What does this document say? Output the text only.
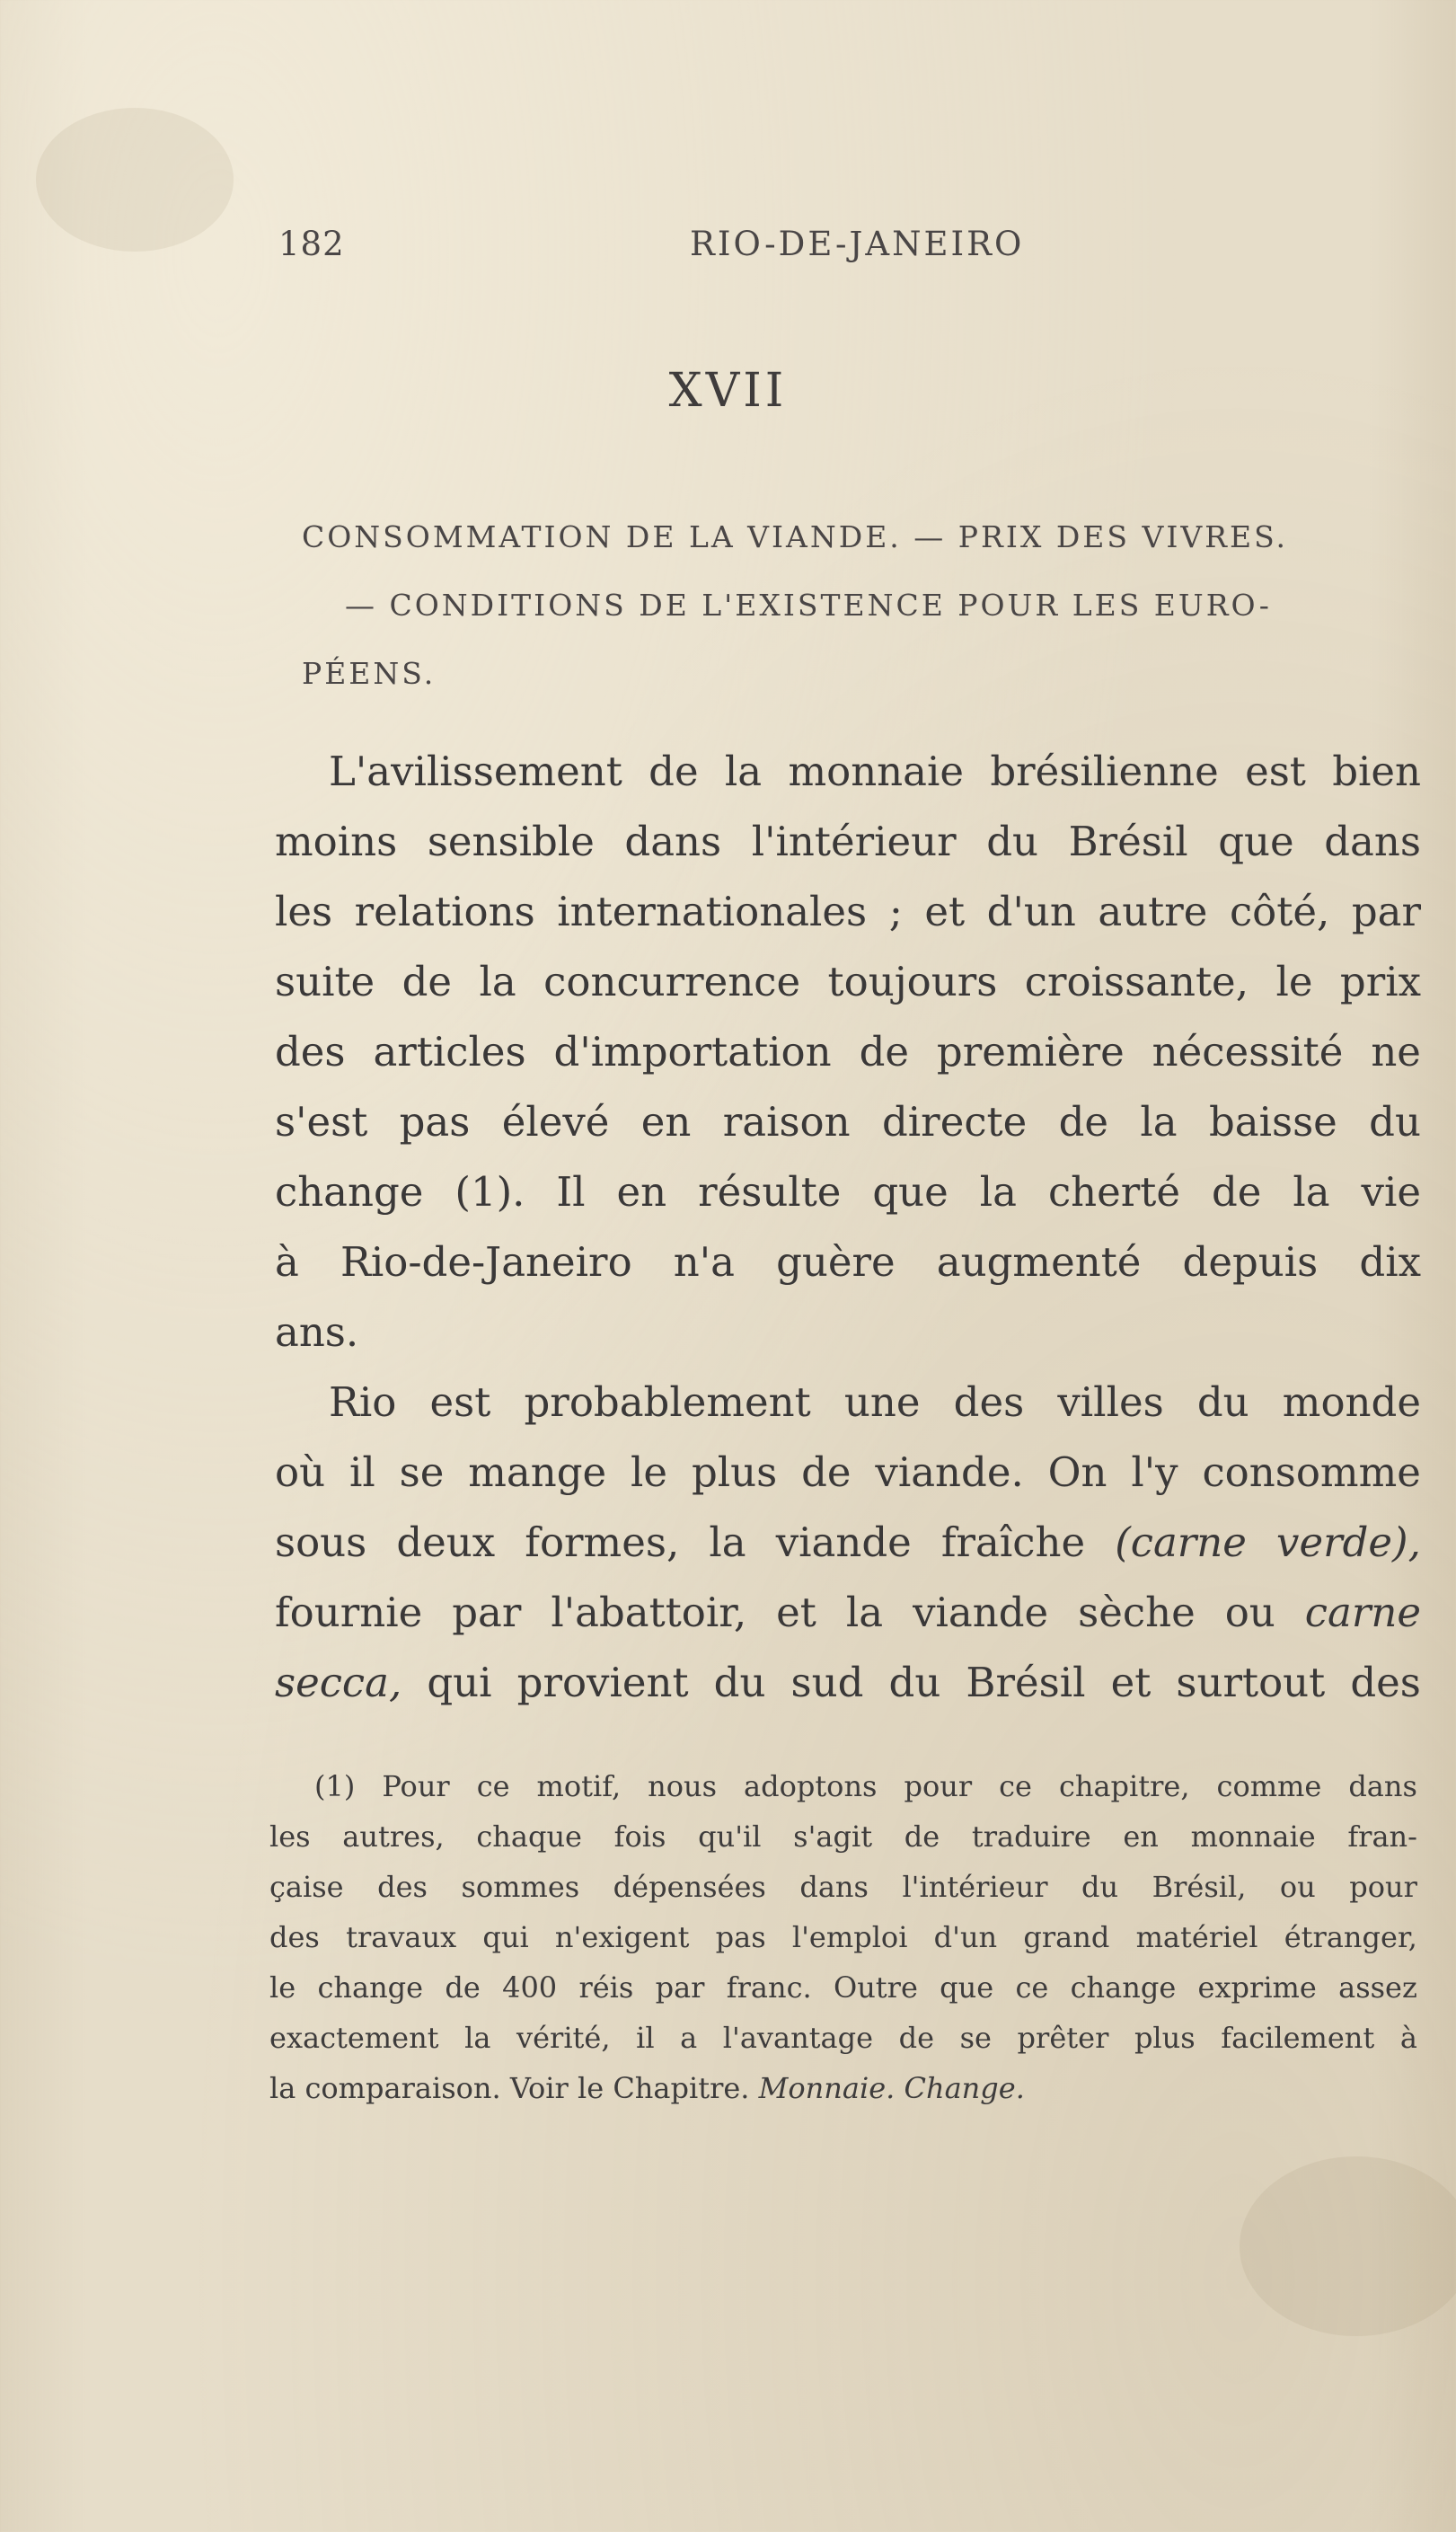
182	RIO-DE-JANEIRO
XVII
CONSOMMATION DE LA VIANDE. — PRIX DES VIVRES.
— CONDITIONS DE L'EXISTENCE POUR LES EURO-
PÉENS.
L'avilissement de la monnaie brésilienne est bien
moins sensible dans l'intérieur du Brésil que dans
les relations internationales ; et d'un autre côté, par
suite de la concurrence toujours croissante, le prix
des articles d'importation de première nécessité ne
s'est pas élevé en raison directe de la baisse du
change (1). Il en résulte que la cherté de la vie
à Rio-de-Janeiro n'a guère augmenté depuis dix
ans.
Rio est probablement une des villes du monde
où il se mange le plus de viande. On l'y consomme
sous deux formes, la viande fraîche (carne verde),
fournie par l'abattoir, et la viande sèche ou carne
secca, qui provient du sud du Brésil et surtout des
(1) Pour ce motif, nous adoptons pour ce chapitre, comme dans
les autres, chaque fois qu'il s'agit de traduire en monnaie fran-
çaise des sommes dépensées dans l'intérieur du Brésil, ou pour
des travaux qui n'exigent pas l'emploi d'un grand matériel étranger,
le change de 400 réis par franc. Outre que ce change exprime assez
exactement la vérité, il a l'avantage de se prêter plus facilement à
la
comparaison.
Voir
le
Chapitre.
Monnaie.
Change.
